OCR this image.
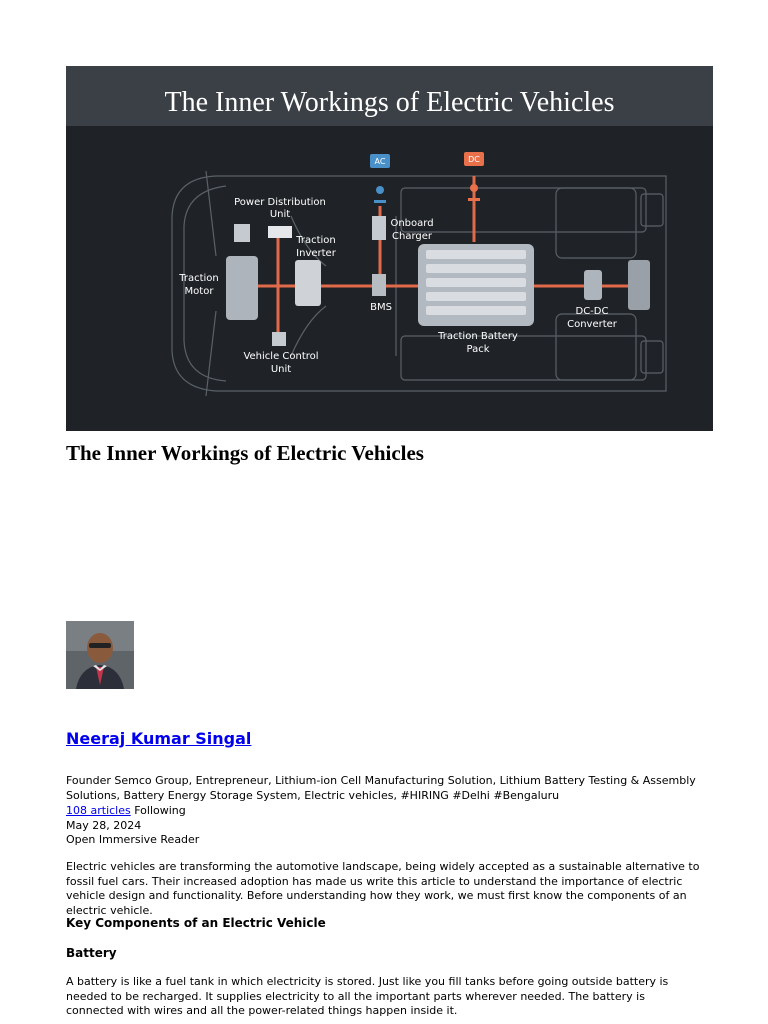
The Inner Workings of Electric Vehicles
AC	DC
Power Distribution
Unit
Onboard
Charger
Traction
Inverter
Traction
Motor
BMS
Traction Battery
Pack
DC-DC
Converter
Vehicle Control
Unit
The Inner Workings of Electric Vehicles
Neeraj Kumar Singal
Founder Semco Group, Entrepreneur, Lithium-ion Cell Manufacturing Solution, Lithium Battery Testing & Assembly Solutions, Battery Energy Storage System, Electric vehicles, #HIRING #Delhi #Bengaluru
108 articles Following
May 28, 2024
Open Immersive Reader

Electric vehicles are transforming the automotive landscape, being widely accepted as a sustainable alternative to fossil fuel cars. Their increased adoption has made us write this article to understand the importance of electric vehicle design and functionality. Before understanding how they work, we must first know the components of an electric vehicle.

Key Components of an Electric Vehicle
Battery

A battery is like a fuel tank in which electricity is stored. Just like you fill tanks before going outside battery is needed to be recharged. It supplies electricity to all the important parts wherever needed. The battery is connected with wires and all the power-related things happen inside it.
